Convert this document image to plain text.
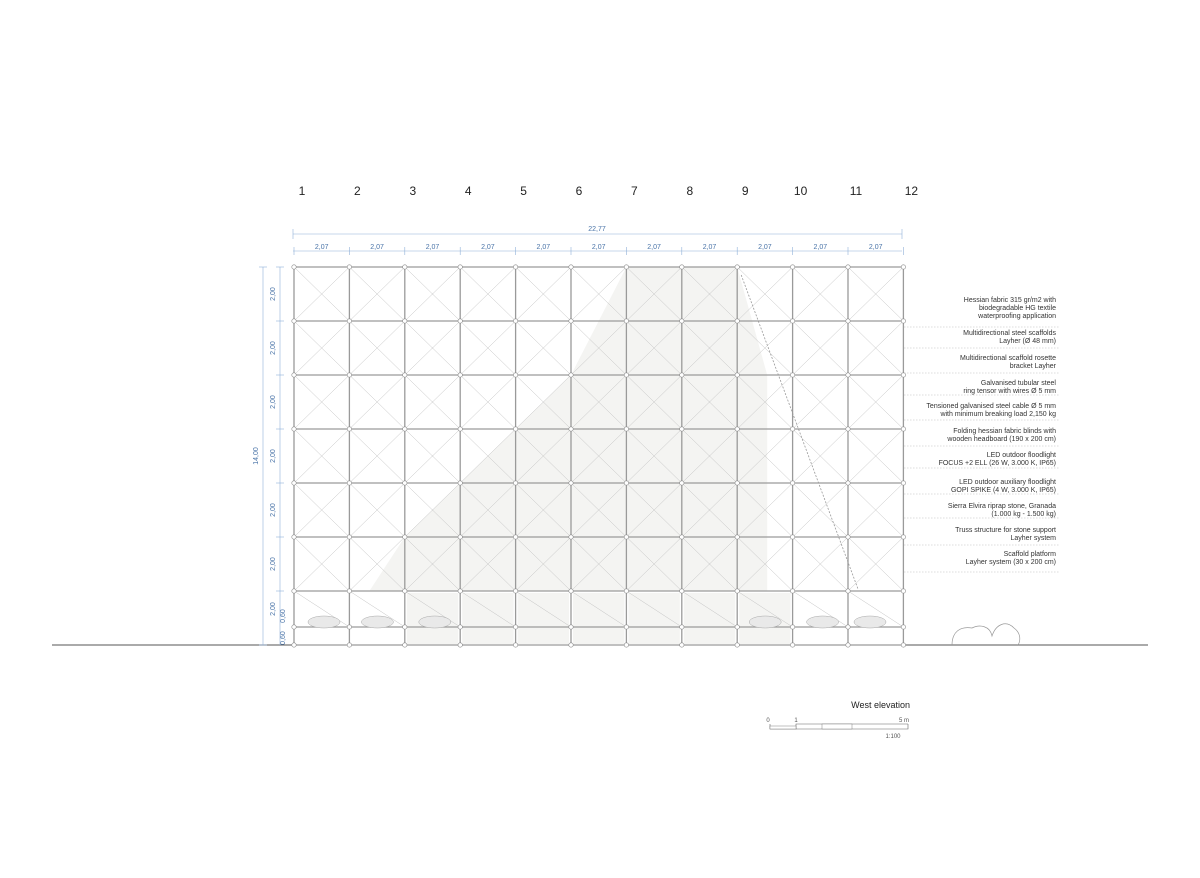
1	2	3	4	5	6	7	8	9	10	11	12
22,77
2,07	2,07	2,07	2,07	2,07	2,07	2,07	2,07	2,07	2,07	2,07
14,00
2,00
2,00
2,00
2,00
2,00
2,00
2,00
0,60
0,60
Hessian fabric 315 gr/m2 with
biodegradable HG textile
waterproofing application
Multidirectional steel scaffolds
Layher (Ø 48 mm)
Multidirectional scaffold rosette
bracket Layher
Galvanised tubular steel
ring tensor with wires Ø 5 mm
Tensioned galvanised steel cable Ø 5 mm
with minimum breaking load 2,150 kg
Folding hessian fabric blinds with
wooden headboard (190 x 200 cm)
LED outdoor floodlight
FOCUS +2 ELL (26 W, 3.000 K, IP65)
LED outdoor auxiliary floodlight
GOPI SPIKE (4 W, 3.000 K, IP65)
Sierra Elvira riprap stone, Granada
(1.000 kg - 1.500 kg)
Truss structure for stone support
Layher system
Scaffold platform
Layher system (30 x 200 cm)
West elevation
0	1	5 m
1:100
